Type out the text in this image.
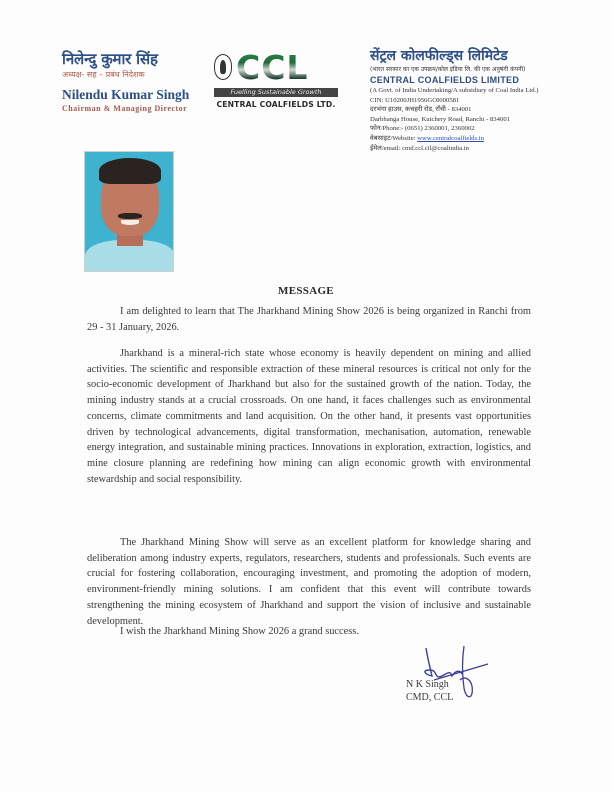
निलेन्दु कुमार सिंह
अध्यक्ष- सह – प्रबंध निदेशक
Nilendu Kumar Singh
Chairman & Managing Director
CCL
Fuelling Sustainable Growth
CENTRAL COALFIELDS LTD.
सेंट्रल कोलफील्ड्स लिमिटेड
(भारत सरकार का एक उपक्रम/कोल इंडिया लि. की एक अनुषंगी कंपनी)
CENTRAL COALFIELDS LIMITED
(A Govt. of India Undertaking/A subsidiary of Coal India Ltd.)
CIN: U10200JH1956GOI000581
दरभंगा हाउस, कचहरी रोड, राँची - 834001
Darbhanga House, Kutchery Road, Ranchi - 834001
फोन/Phone:- (0651) 2360001, 2360002
वेबसाइट/Website: www.centralcoalfields.in
ईमेल/email: cmd.ccl.cil@coalindia.in
MESSAGE

I am delighted to learn that The Jharkhand Mining Show 2026 is being organized in Ranchi from 29 - 31 January, 2026.

Jharkhand is a mineral-rich state whose economy is heavily dependent on mining and allied activities. The scientific and responsible extraction of these mineral resources is critical not only for the socio-economic development of Jharkhand but also for the sustained growth of the nation. Today, the mining industry stands at a crucial crossroads. On one hand, it faces challenges such as environmental concerns, climate commitments and land acquisition. On the other hand, it presents vast opportunities driven by technological advancements, digital transformation, mechanisation, automation, renewable energy integration, and sustainable mining practices. Innovations in exploration, extraction, logistics, and mine closure planning are redefining how mining can align economic growth with environmental stewardship and social responsibility.

The Jharkhand Mining Show will serve as an excellent platform for knowledge sharing and deliberation among industry experts, regulators, researchers, students and professionals. Such events are crucial for fostering collaboration, encouraging investment, and promoting the adoption of modern, environment-friendly mining solutions. I am confident that this event will contribute towards strengthening the mining ecosystem of Jharkhand and support the vision of inclusive and sustainable development.

I wish the Jharkhand Mining Show 2026 a grand success.

N K Singh
CMD, CCL
